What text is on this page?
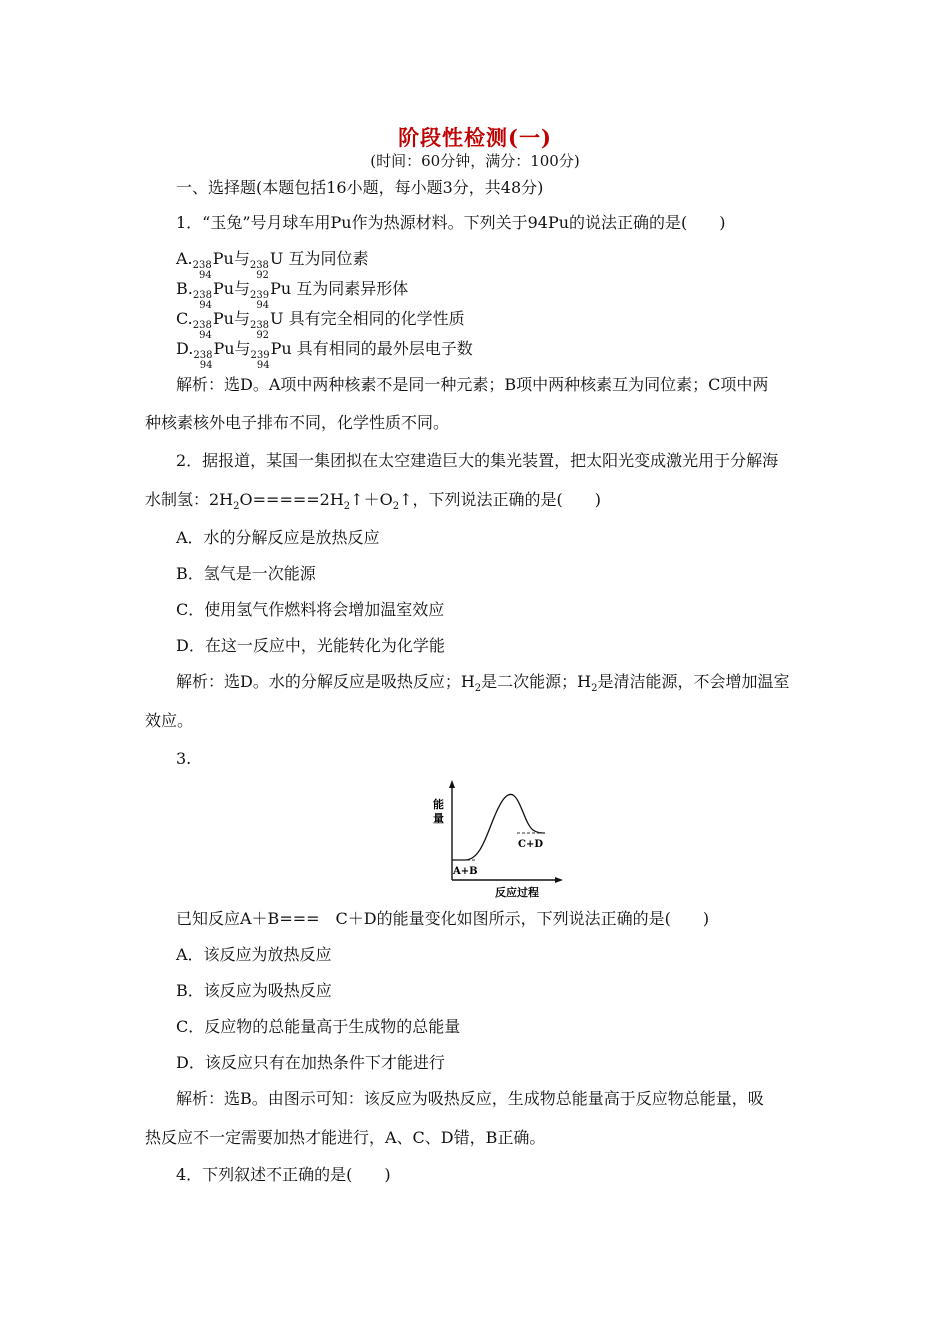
阶段性检测(一)
(时间：60分钟，满分：100分)
一、选择题(本题包括16小题，每小题3分，共48分)
1．“玉兔”号月球车用Pu作为热源材料。下列关于94Pu的说法正确的是(　　)
A. 238
94
Pu与 238
92
U 互为同位素
B. 238
94
Pu与 239
94
Pu 互为同素异形体
C. 238
94
Pu与 238
92
U 具有完全相同的化学性质
D. 238
94
Pu与 239
94
Pu 具有相同的最外层电子数
解析：选D。A项中两种核素不是同一种元素；B项中两种核素互为同位素；C项中两
种核素核外电子排布不同，化学性质不同。
2．据报道，某国一集团拟在太空建造巨大的集光装置，把太阳光变成激光用于分解海
水制氢：$2H_2O=====2H_2↑+O_2↑$，下列说法正确的是(　　)
A．水的分解反应是放热反应
B．氢气是一次能源
C．使用氢气作燃料将会增加温室效应
D．在这一反应中，光能转化为化学能
解析：选D。水的分解反应是吸热反应；$H_2$是二次能源；$H_2$是清洁能源，不会增加温室
效应。
3.
能
量
A+B
C+D
反应过程
已知反应A＋B===　C＋D的能量变化如图所示，下列说法正确的是(　　)
A．该反应为放热反应
B．该反应为吸热反应
C．反应物的总能量高于生成物的总能量
D．该反应只有在加热条件下才能进行
解析：选B。由图示可知：该反应为吸热反应，生成物总能量高于反应物总能量，吸
热反应不一定需要加热才能进行，A、C、D错，B正确。
4．下列叙述不正确的是(　　)
